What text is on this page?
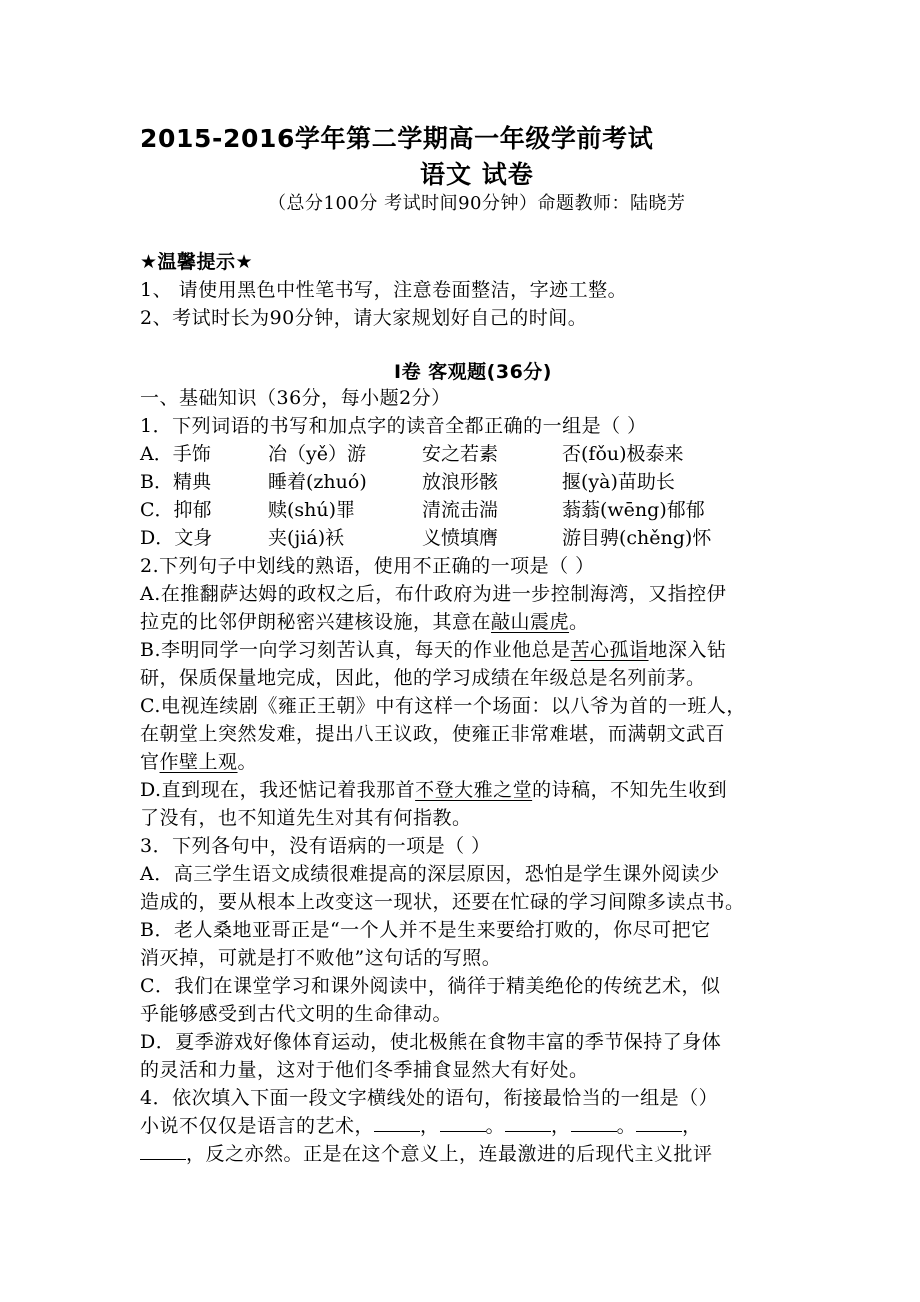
2015-2016学年第二学期高一年级学前考试
语文 试卷
（总分100分 考试时间90分钟）命题教师：陆晓芳
★温馨提示★
1、 请使用黑色中性笔书写，注意卷面整洁，字迹工整。
2、考试时长为90分钟，请大家规划好自己的时间。
Ⅰ卷 客观题(36分)
一、基础知识（36分，每小题2分）
1．下列词语的书写和加点字的读音全都正确的一组是（ ）
A．手饰	冶（yě）游	安之若素	否(fǒu)极泰来
B．精典	睡着(zhuó)	放浪形骸	揠(yà)苗助长
C．抑郁	赎(shú)罪	清流击湍	蓊蓊(wēng)郁郁
D．文身	夹(jiá)袄	义愤填膺	游目骋(chěng)怀
2.下列句子中划线的熟语，使用不正确的一项是（ ）
A.在推翻萨达姆的政权之后，布什政府为进一步控制海湾，又指控伊
拉克的比邻伊朗秘密兴建核设施，其意在敲山震虎。
B.李明同学一向学习刻苦认真，每天的作业他总是苦心孤诣地深入钻
研，保质保量地完成，因此，他的学习成绩在年级总是名列前茅。
C.电视连续剧《雍正王朝》中有这样一个场面：以八爷为首的一班人，
在朝堂上突然发难，提出八王议政，使雍正非常难堪，而满朝文武百
官作壁上观。
D.直到现在，我还惦记着我那首不登大雅之堂的诗稿，不知先生收到
了没有，也不知道先生对其有何指教。
3．下列各句中，没有语病的一项是（ ）
A．高三学生语文成绩很难提高的深层原因，恐怕是学生课外阅读少
造成的，要从根本上改变这一现状，还要在忙碌的学习间隙多读点书。
B．老人桑地亚哥正是“一个人并不是生来要给打败的，你尽可把它
消灭掉，可就是打不败他”这句话的写照。
C．我们在课堂学习和课外阅读中，徜徉于精美绝伦的传统艺术，似
乎能够感受到古代文明的生命律动。
D．夏季游戏好像体育运动，使北极熊在食物丰富的季节保持了身体
的灵活和力量，这对于他们冬季捕食显然大有好处。
4．依次填入下面一段文字横线处的语句，衔接最恰当的一组是（）
小说不仅仅是语言的艺术， ， 。 ， 。 ，
，反之亦然。正是在这个意义上，连最激进的后现代主义批评
